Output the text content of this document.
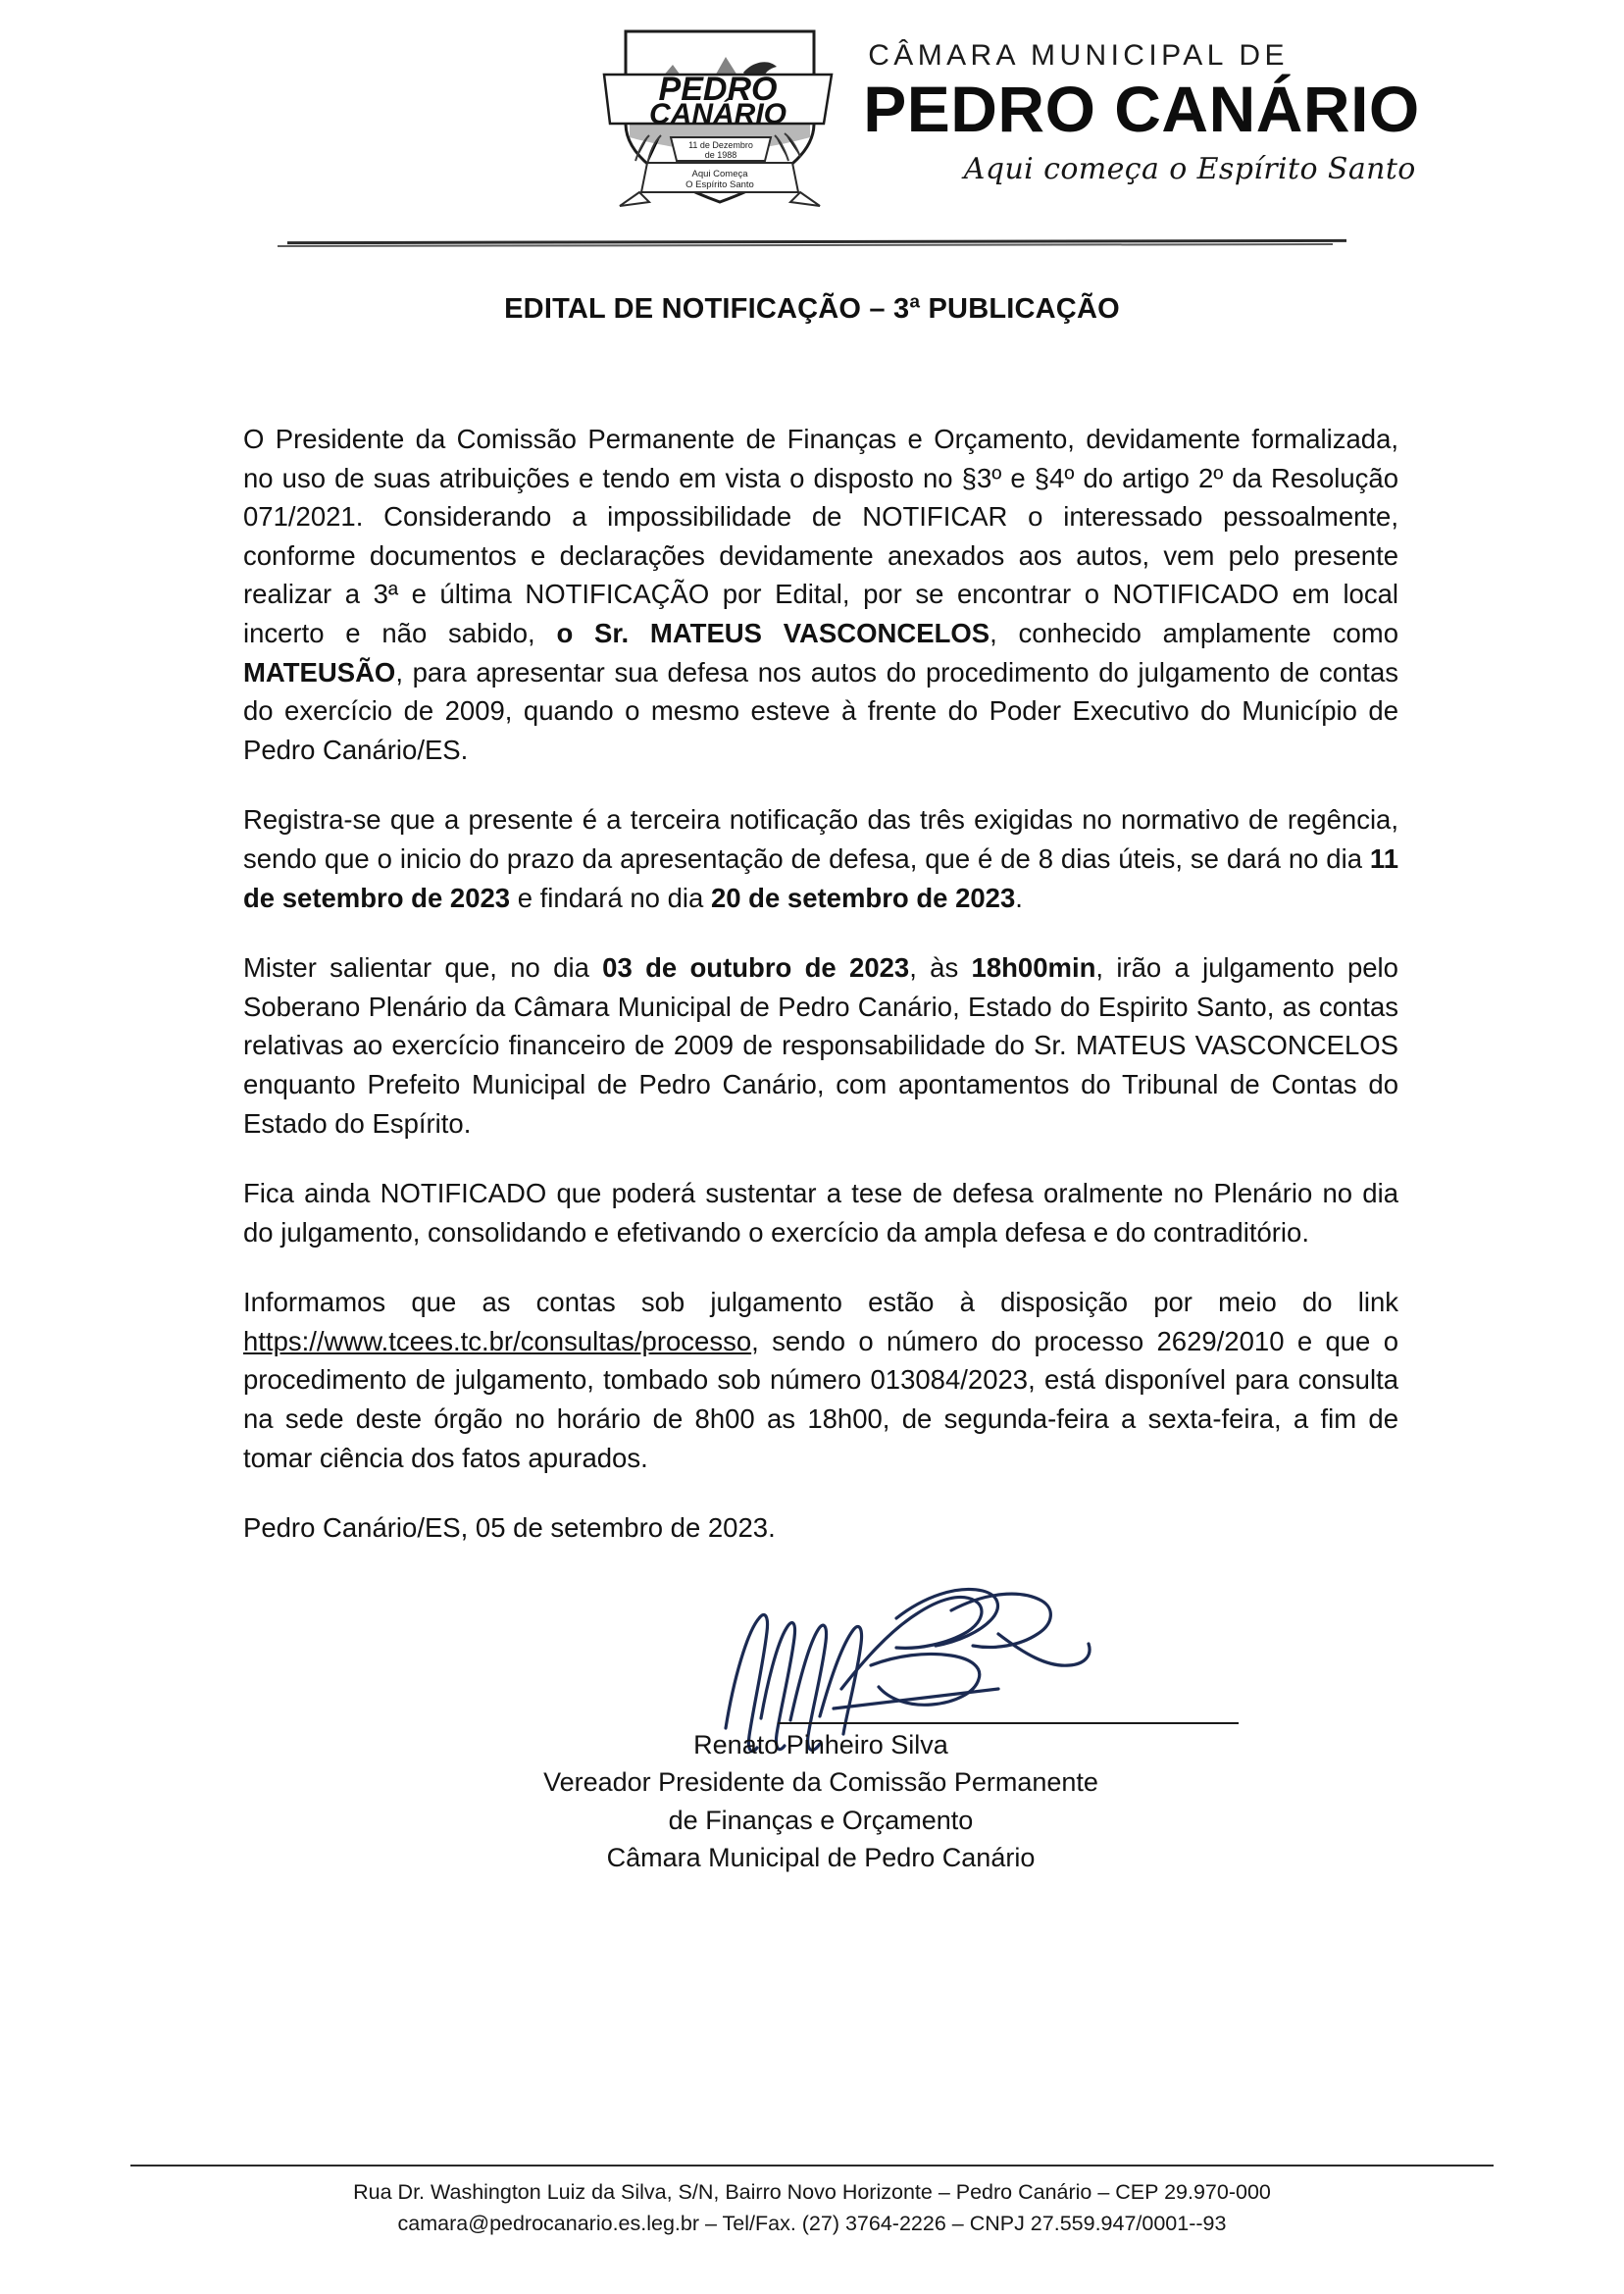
PEDRO
CANÁRIO
11 de Dezembro
de 1988
Aqui Começa
O Espírito Santo
CÂMARA MUNICIPAL DE
PEDRO CANÁRIO
Aqui começa o Espírito Santo
EDITAL DE NOTIFICAÇÃO – 3ª PUBLICAÇÃO

O Presidente da Comissão Permanente de Finanças e Orçamento, devidamente formalizada, no uso de suas atribuições e tendo em vista o disposto no §3º e §4º do artigo 2º da Resolução 071/2021. Considerando a impossibilidade de NOTIFICAR o interessado pessoalmente, conforme documentos e declarações devidamente anexados aos autos, vem pelo presente realizar a 3ª e última NOTIFICAÇÃO por Edital, por se encontrar o NOTIFICADO em local incerto e não sabido, o Sr. MATEUS VASCONCELOS, conhecido amplamente como MATEUSÃO, para apresentar sua defesa nos autos do procedimento do julgamento de contas do exercício de 2009, quando o mesmo esteve à frente do Poder Executivo do Município de Pedro Canário/ES.

Registra-se que a presente é a terceira notificação das três exigidas no normativo de regência, sendo que o inicio do prazo da apresentação de defesa, que é de 8 dias úteis, se dará no dia 11 de setembro de 2023 e findará no dia 20 de setembro de 2023.

Mister salientar que, no dia 03 de outubro de 2023, às 18h00min, irão a julgamento pelo Soberano Plenário da Câmara Municipal de Pedro Canário, Estado do Espirito Santo, as contas relativas ao exercício financeiro de 2009 de responsabilidade do Sr. MATEUS VASCONCELOS enquanto Prefeito Municipal de Pedro Canário, com apontamentos do Tribunal de Contas do Estado do Espírito.

Fica ainda NOTIFICADO que poderá sustentar a tese de defesa oralmente no Plenário no dia do julgamento, consolidando e efetivando o exercício da ampla defesa e do contraditório.

Informamos que as contas sob julgamento estão à disposição por meio do link https://www.tcees.tc.br/consultas/processo, sendo o número do processo 2629/2010 e que o procedimento de julgamento, tombado sob número 013084/2023, está disponível para consulta na sede deste órgão no horário de 8h00 as 18h00, de segunda-feira a sexta-feira, a fim de tomar ciência dos fatos apurados.

Pedro Canário/ES, 05 de setembro de 2023.

Renato Pinheiro Silva
Vereador Presidente da Comissão Permanente
de Finanças e Orçamento
Câmara Municipal de Pedro Canário
Rua Dr. Washington Luiz da Silva, S/N, Bairro Novo Horizonte – Pedro Canário – CEP 29.970-000
camara@pedrocanario.es.leg.br – Tel/Fax. (27) 3764-2226 – CNPJ 27.559.947/0001--93
